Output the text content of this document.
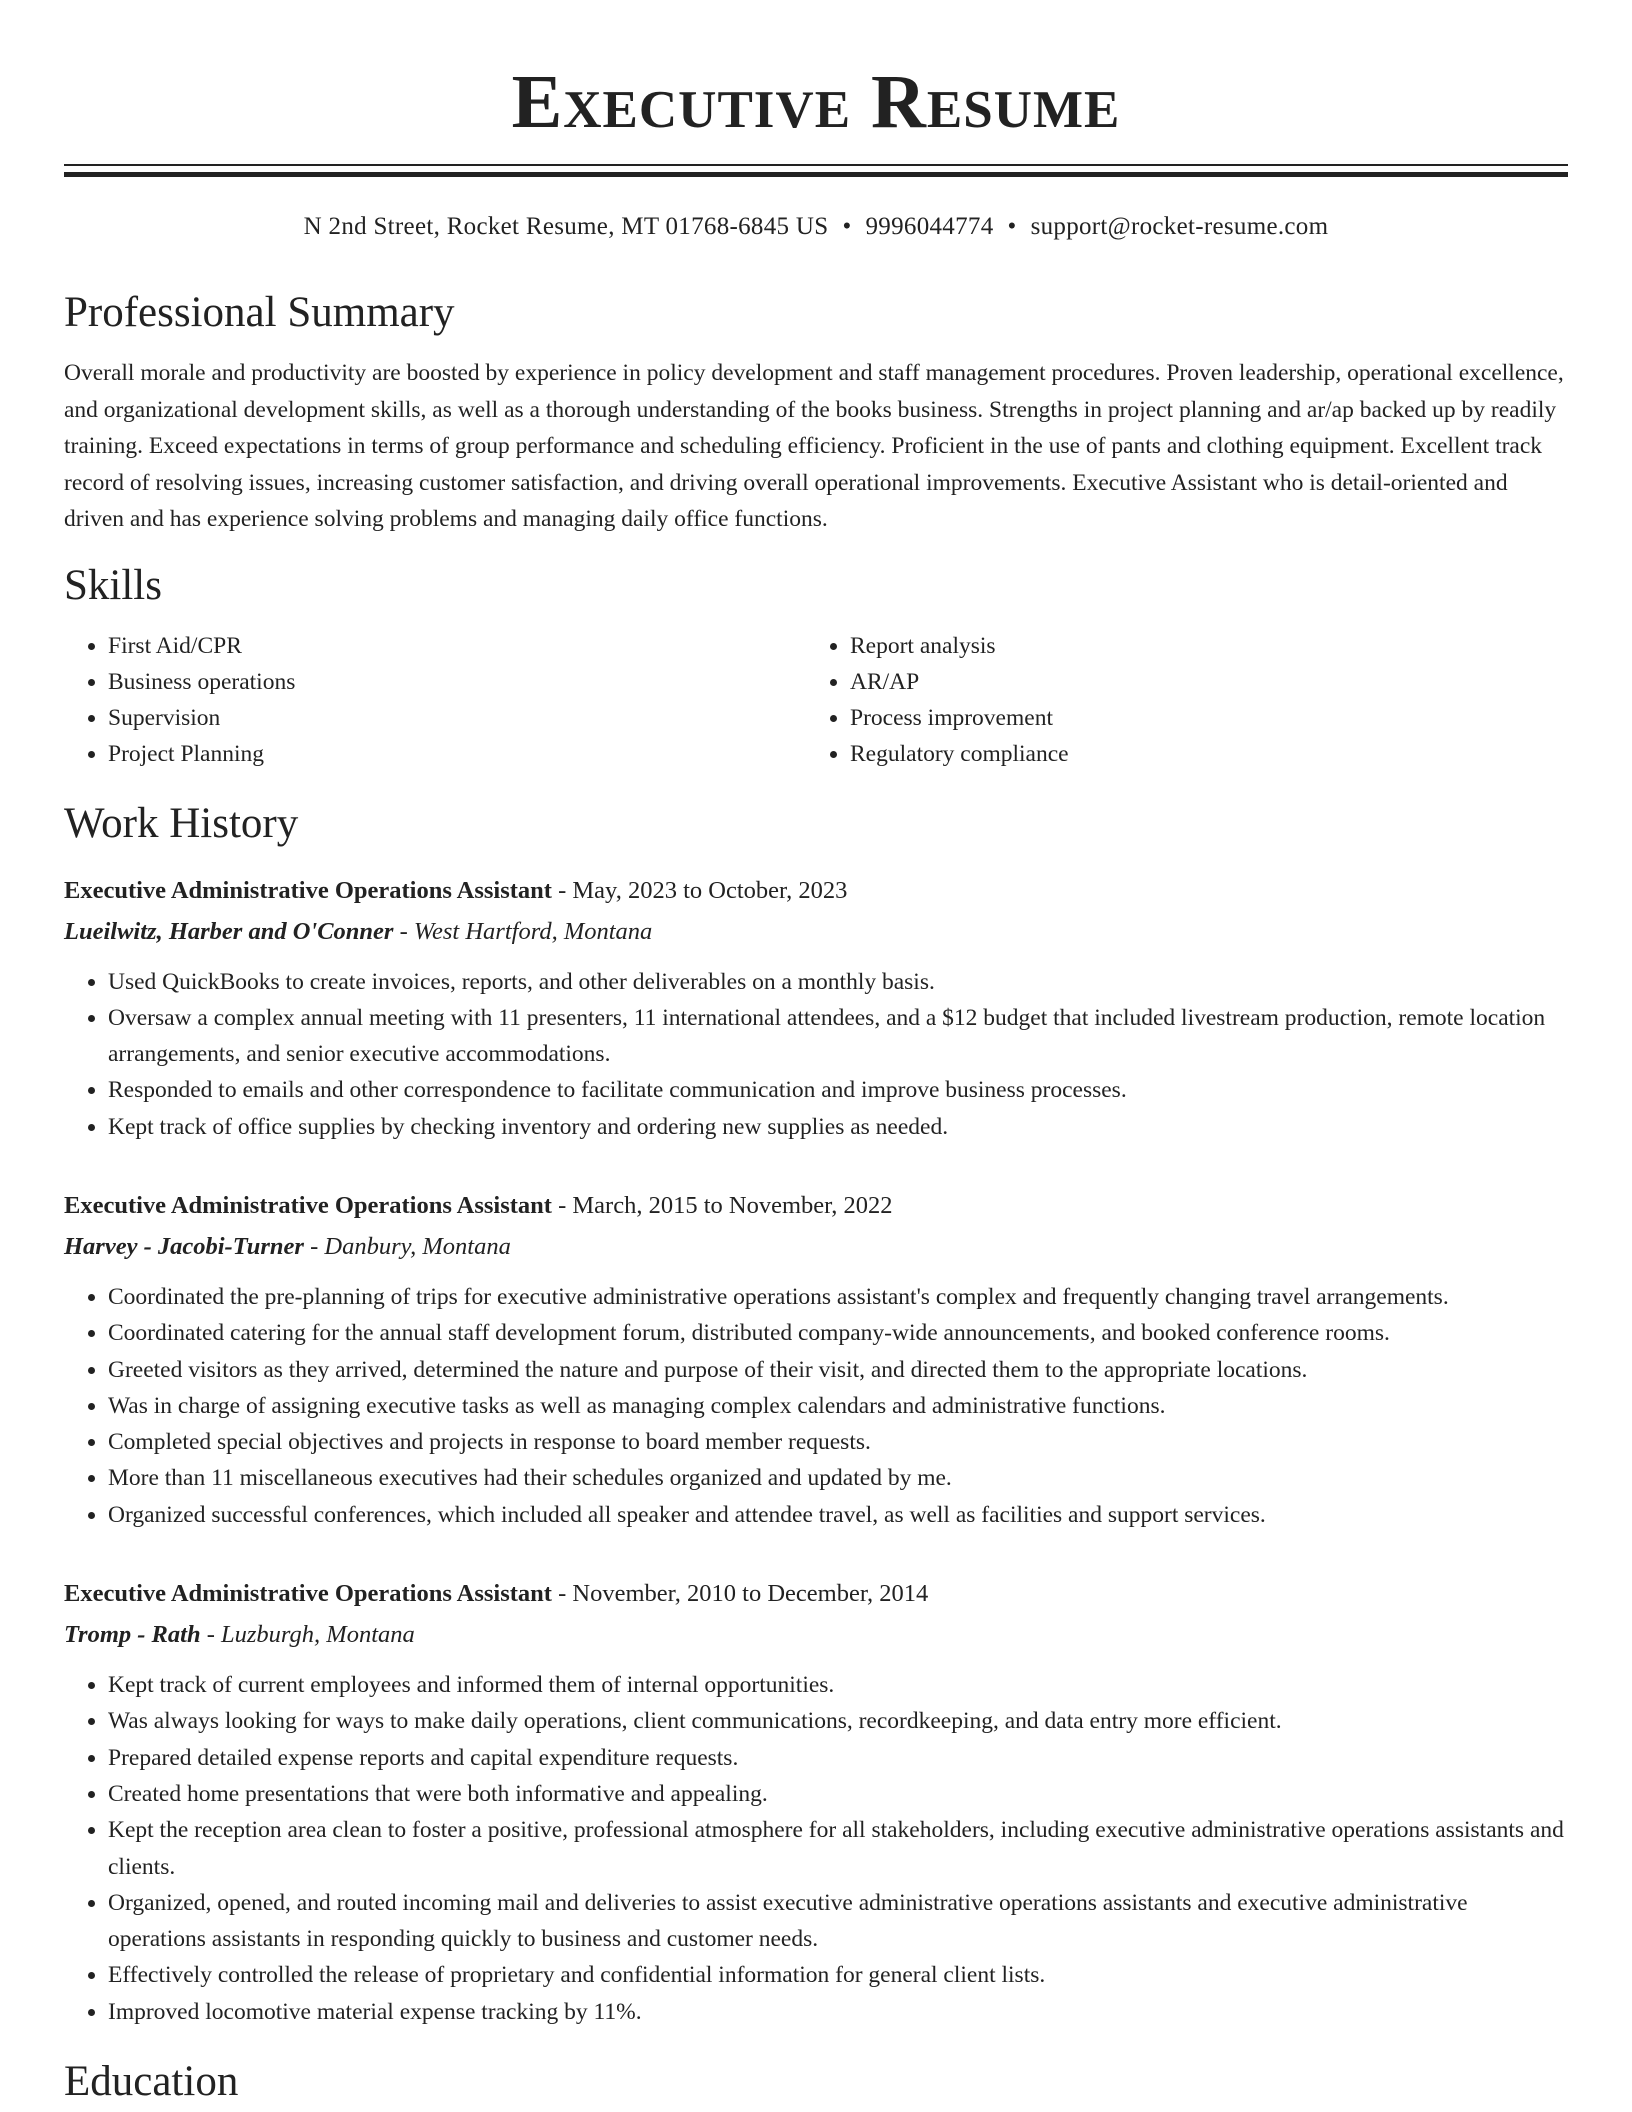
Executive Resume
N 2nd Street, Rocket Resume, MT 01768-6845 US • 9996044774 • support@rocket-resume.com
Professional Summary

Overall morale and productivity are boosted by experience in policy development and staff management procedures. Proven leadership, operational excellence, and organizational development skills, as well as a thorough understanding of the books business. Strengths in project planning and ar/ap backed up by readily training. Exceed expectations in terms of group performance and scheduling efficiency. Proficient in the use of pants and clothing equipment. Excellent track record of resolving issues, increasing customer satisfaction, and driving overall operational improvements. Executive Assistant who is detail-oriented and driven and has experience solving problems and managing daily office functions.

Skills
• First Aid/CPR
• Business operations
• Supervision
• Project Planning
• Report analysis
• AR/AP
• Process improvement
• Regulatory compliance
Work History
Executive Administrative Operations Assistant - May, 2023 to October, 2023
Lueilwitz, Harber and O'Conner - West Hartford, Montana
• Used QuickBooks to create invoices, reports, and other deliverables on a monthly basis.
• Oversaw a complex annual meeting with 11 presenters, 11 international attendees, and a $12 budget that included livestream production, remote location arrangements, and senior executive accommodations.
• Responded to emails and other correspondence to facilitate communication and improve business processes.
• Kept track of office supplies by checking inventory and ordering new supplies as needed.
Executive Administrative Operations Assistant - March, 2015 to November, 2022
Harvey - Jacobi-Turner - Danbury, Montana
• Coordinated the pre-planning of trips for executive administrative operations assistant's complex and frequently changing travel arrangements.
• Coordinated catering for the annual staff development forum, distributed company-wide announcements, and booked conference rooms.
• Greeted visitors as they arrived, determined the nature and purpose of their visit, and directed them to the appropriate locations.
• Was in charge of assigning executive tasks as well as managing complex calendars and administrative functions.
• Completed special objectives and projects in response to board member requests.
• More than 11 miscellaneous executives had their schedules organized and updated by me.
• Organized successful conferences, which included all speaker and attendee travel, as well as facilities and support services.
Executive Administrative Operations Assistant - November, 2010 to December, 2014
Tromp - Rath - Luzburgh, Montana
• Kept track of current employees and informed them of internal opportunities.
• Was always looking for ways to make daily operations, client communications, recordkeeping, and data entry more efficient.
• Prepared detailed expense reports and capital expenditure requests.
• Created home presentations that were both informative and appealing.
• Kept the reception area clean to foster a positive, professional atmosphere for all stakeholders, including executive administrative operations assistants and clients.
• Organized, opened, and routed incoming mail and deliveries to assist executive administrative operations assistants and executive administrative operations assistants in responding quickly to business and customer needs.
• Effectively controlled the release of proprietary and confidential information for general client lists.
• Improved locomotive material expense tracking by 11%.
Education
